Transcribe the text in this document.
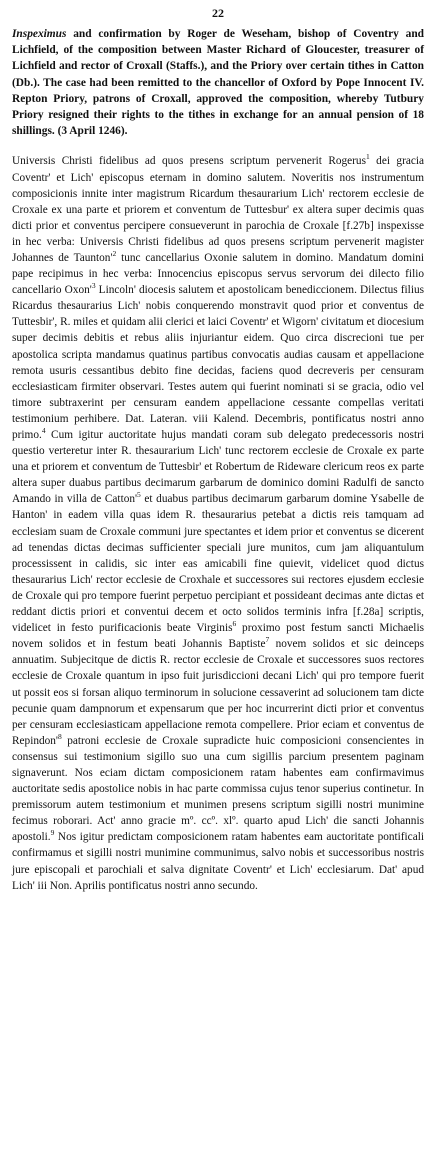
22

Inspeximus and confirmation by Roger de Weseham, bishop of Coventry and Lichfield, of the composition between Master Richard of Gloucester, treasurer of Lichfield and rector of Croxall (Staffs.), and the Priory over certain tithes in Catton (Db.). The case had been remitted to the chancellor of Oxford by Pope Innocent IV. Repton Priory, patrons of Croxall, approved the composition, whereby Tutbury Priory resigned their rights to the tithes in exchange for an annual pension of 18 shillings. (3 April 1246).

Universis Christi fidelibus ad quos presens scriptum pervenerit Rogerus$^1$ dei gracia Coventr' et Lich' episcopus eternam in domino salutem. Noveritis nos instrumentum composicionis innite inter magistrum Ricardum thesaurarium Lich' rectorem ecclesie de Croxale ex una parte et priorem et conventum de Tuttesbur' ex altera super decimis quas dicti prior et conventus percipere consueverunt in parochia de Croxale [f.27b] inspexisse in hec verba: Universis Christi fidelibus ad quos presens scriptum pervenerit magister Johannes de $Taunton'^2$ tunc cancellarius Oxonie salutem in domino. Mandatum domini pape recipimus in hec verba: Innocencius episcopus servus servorum dei dilecto filio cancellario $Oxon'^3$ Lincoln' diocesis salutem et apostolicam benediccionem. Dilectus filius Ricardus thesaurarius Lich' nobis conquerendo monstravit quod prior et conventus de Tuttesbir', R. miles et quidam alii clerici et laici Coventr' et Wigorn' civitatum et diocesium super decimis debitis et rebus aliis injuriantur eidem. Quo circa discrecioni tue per apostolica scripta mandamus quatinus partibus convocatis audias causam et appellacione remota usuris cessantibus debito fine decidas, faciens quod decreveris per censuram ecclesiasticam firmiter observari. Testes autem qui fuerint nominati si se gracia, odio vel timore subtraxerint per censuram eandem appellacione cessante compellas veritati testimonium perhibere. Dat. Lateran. viii Kalend. Decembris, pontificatus nostri anno primo.$^4$ Cum igitur auctoritate hujus mandati coram sub delegato predecessoris nostri questio verteretur inter R. thesaurarium Lich' tunc rectorem ecclesie de Croxale ex parte una et priorem et conventum de Tuttesbir' et Robertum de Rideware clericum reos ex parte altera super duabus partibus decimarum garbarum de dominico domini Radulfi de sancto Amando in villa de $Catton'^5$ et duabus partibus decimarum garbarum domine Ysabelle de Hanton' in eadem villa quas idem R. thesaurarius petebat a dictis reis tamquam ad ecclesiam suam de Croxale communi jure spectantes et idem prior et conventus se dicerent ad tenendas dictas decimas sufficienter speciali jure munitos, cum jam aliquantulum processissent in calidis, sic inter eas amicabili fine quievit, videlicet quod dictus thesaurarius Lich' rector ecclesie de Croxhale et successores sui rectores ejusdem ecclesie de Croxale qui pro tempore fuerint perpetuo percipiant et possideant decimas ante dictas et reddant dictis priori et conventui decem et octo solidos terminis infra [f.28a] scriptis, videlicet in festo purificacionis beate Virginis$^6$ proximo post festum sancti Michaelis novem solidos et in festum beati Johannis Baptiste$^7$ novem solidos et sic deinceps annuatim. Subjecitque de dictis R. rector ecclesie de Croxale et successores suos rectores ecclesie de Croxale quantum in ipso fuit jurisdiccioni decani Lich' qui pro tempore fuerit ut possit eos si forsan aliquo terminorum in solucione cessaverint ad solucionem tam dicte pecunie quam dampnorum et expensarum que per hoc incurrerint dicti prior et conventus per censuram ecclesiasticam appellacione remota compellere. Prior eciam et conventus de $Repindon'^8$ patroni ecclesie de Croxale supradicte huic composicioni consencientes in consensus sui testimonium sigillo suo una cum sigillis parcium presentem paginam signaverunt. Nos eciam dictam composicionem ratam habentes eam confirmavimus auctoritate sedis apostolice nobis in hac parte commissa cujus tenor superius continetur. In premissorum autem testimonium et munimen presens scriptum sigilli nostri munimine fecimus roborari. Act' anno gracie mº. ccº. xlº. quarto apud Lich' die sancti Johannis apostoli.$^9$ Nos igitur predictam composicionem ratam habentes eam auctoritate pontificali confirmamus et sigilli nostri munimine communimus, salvo nobis et successoribus nostris jure episcopali et parochiali et salva dignitate Coventr' et Lich' ecclesiarum. Dat' apud Lich' iii Non. Aprilis pontificatus nostri anno secundo.
